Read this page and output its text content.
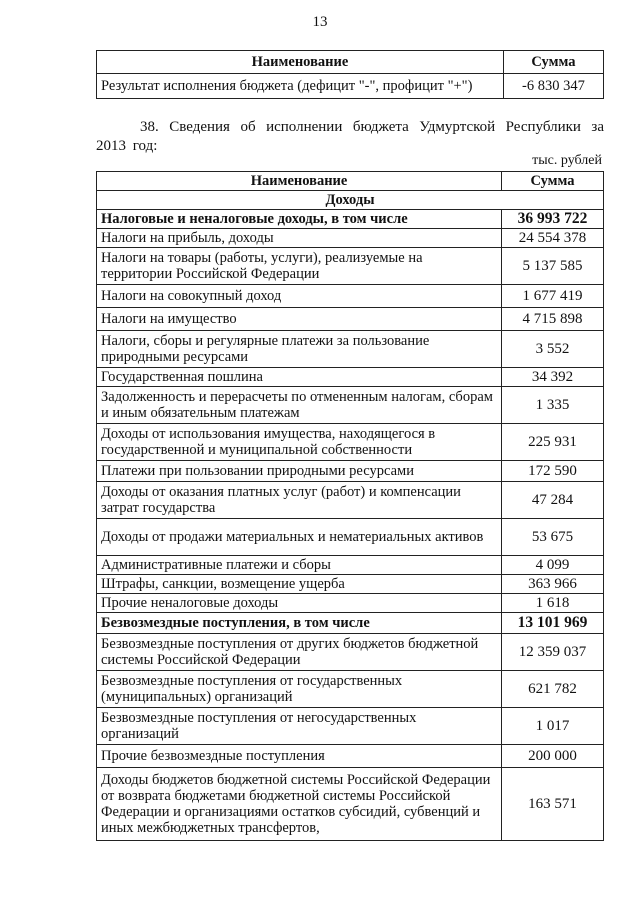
13
Наименование	Сумма
Результат исполнения бюджета (дефицит "-", профицит "+")	-6 830 347
38. Сведения об исполнении бюджета Удмуртской Республики за 2013 год:
тыс. рублей
Наименование	Сумма
Доходы	
Налоговые и неналоговые доходы, в том числе	36 993 722
Налоги на прибыль, доходы	24 554 378
Налоги на товары (работы, услуги), реализуемые на территории Российской Федерации	5 137 585
Налоги на совокупный доход	1 677 419
Налоги на имущество	4 715 898
Налоги, сборы и регулярные платежи за пользование природными ресурсами	3 552
Государственная пошлина	34 392
Задолженность и перерасчеты по отмененным налогам, сборам и иным обязательным платежам	1 335
Доходы от использования имущества, находящегося в государственной и муниципальной собственности	225 931
Платежи при пользовании природными ресурсами	172 590
Доходы от оказания платных услуг (работ) и компенсации затрат государства	47 284
Доходы от продажи материальных и нематериальных активов	53 675
Административные платежи и сборы	4 099
Штрафы, санкции, возмещение ущерба	363 966
Прочие неналоговые доходы	1 618
Безвозмездные поступления, в том числе	13 101 969
Безвозмездные поступления от других бюджетов бюджетной системы Российской Федерации	12 359 037
Безвозмездные поступления от государственных (муниципальных) организаций	621 782
Безвозмездные поступления от негосударственных организаций	1 017
Прочие безвозмездные поступления	200 000
Доходы бюджетов бюджетной системы Российской Федерации от возврата бюджетами бюджетной системы Российской Федерации и организациями остатков субсидий, субвенций и иных межбюджетных трансфертов,	163 571
